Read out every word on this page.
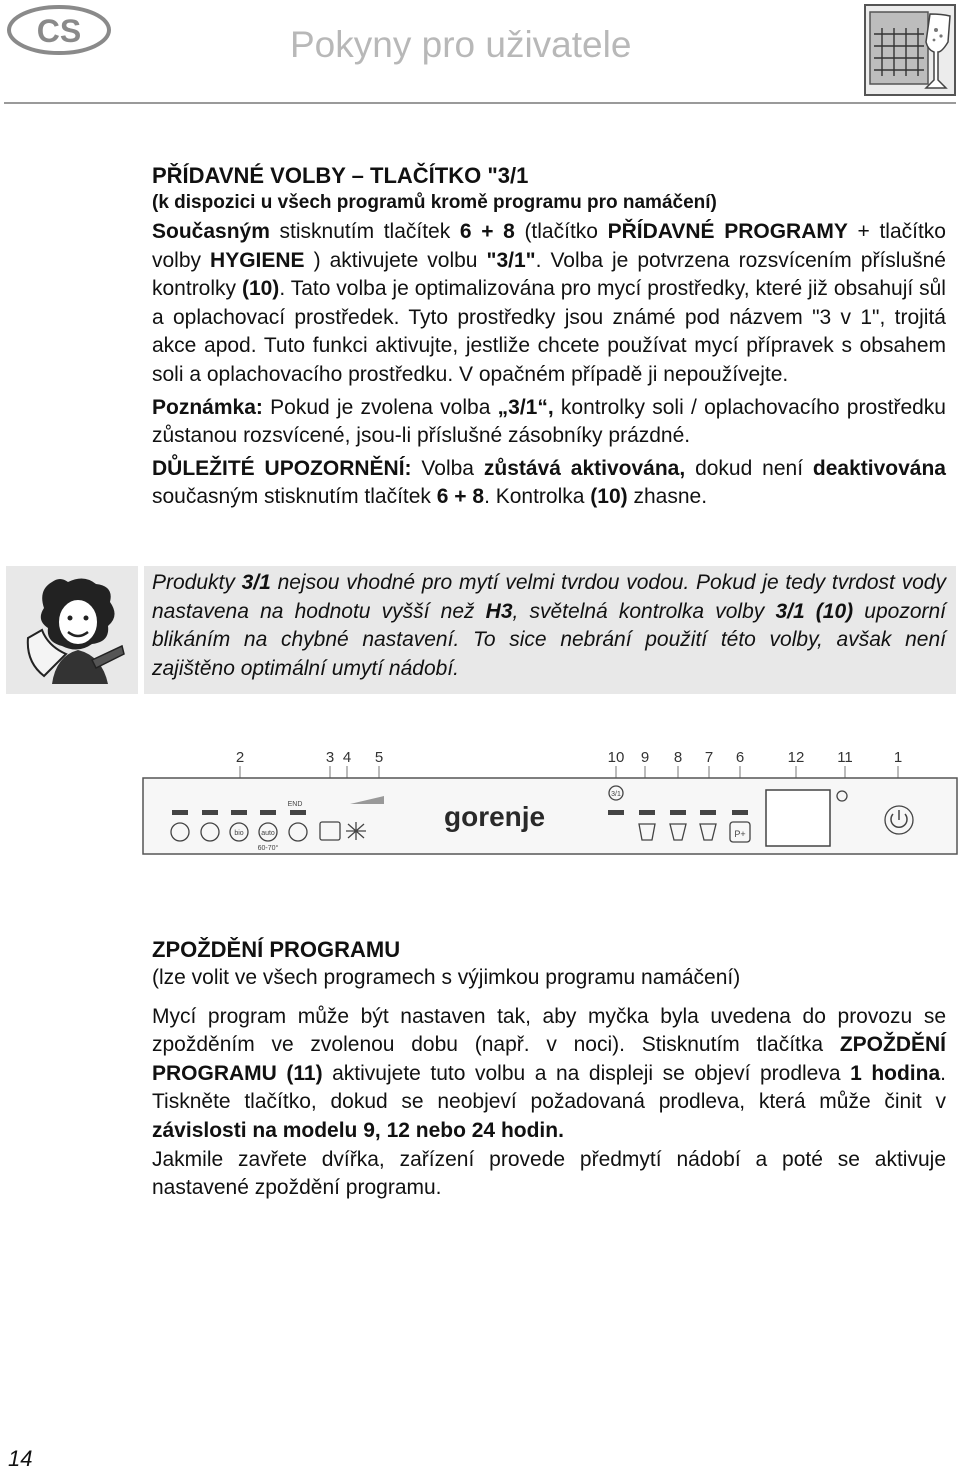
CS	Pokyny pro uživatele

PŘÍDAVNÉ VOLBY – TLAČÍTKO "3/1

(k dispozici u všech programů kromě programu pro namáčení)

Současným stisknutím tlačítek 6 + 8 (tlačítko PŘÍDAVNÉ PROGRAMY + tlačítko volby HYGIENE ) aktivujete volbu "3/1". Volba je potvrzena rozsvícením příslušné kontrolky (10). Tato volba je optimalizována pro mycí prostředky, které již obsahují sůl a oplachovací prostředek. Tyto prostředky jsou známé pod názvem "3 v 1", trojitá akce apod. Tuto funkci aktivujte, jestliže chcete používat mycí přípravek s obsahem soli a oplachovacího prostředku. V opačném případě ji nepoužívejte.

Poznámka: Pokud je zvolena volba „3/1“, kontrolky soli / oplachovacího prostředku zůstanou rozsvícené, jsou-li příslušné zásobníky prázdné.

DŮLEŽITÉ UPOZORNĚNÍ: Volba zůstává aktivována, dokud není deaktivována současným stisknutím tlačítek 6 + 8. Kontrolka (10) zhasne.

Produkty 3/1 nejsou vhodné pro mytí velmi tvrdou vodou. Pokud je tedy tvrdost vody nastavena na hodnotu vyšší než H3, světelná kontrolka volby 3/1 (10) upozorní blikáním na chybné nastavení. To sice nebrání použití této volby, avšak není zajištěno optimální umytí nádobí.
2	3 4 5	10 9 8 7 6	12 11	1
END
bio	auto
60-70°
3/1
gorenje
P+

ZPOŽDĚNÍ PROGRAMU

(lze volit ve všech programech s výjimkou programu namáčení)

Mycí program může být nastaven tak, aby myčka byla uvedena do provozu se zpožděním ve zvolenou dobu (např. v noci). Stisknutím tlačítka ZPOŽDĚNÍ PROGRAMU (11) aktivujete tuto volbu a na displeji se objeví prodleva 1 hodina. Tiskněte tlačítko, dokud se neobjeví požadovaná prodleva, která může činit v závislosti na modelu 9, 12 nebo 24 hodin.

Jakmile zavřete dvířka, zařízení provede předmytí nádobí a poté se aktivuje nastavené zpoždění programu.

14
